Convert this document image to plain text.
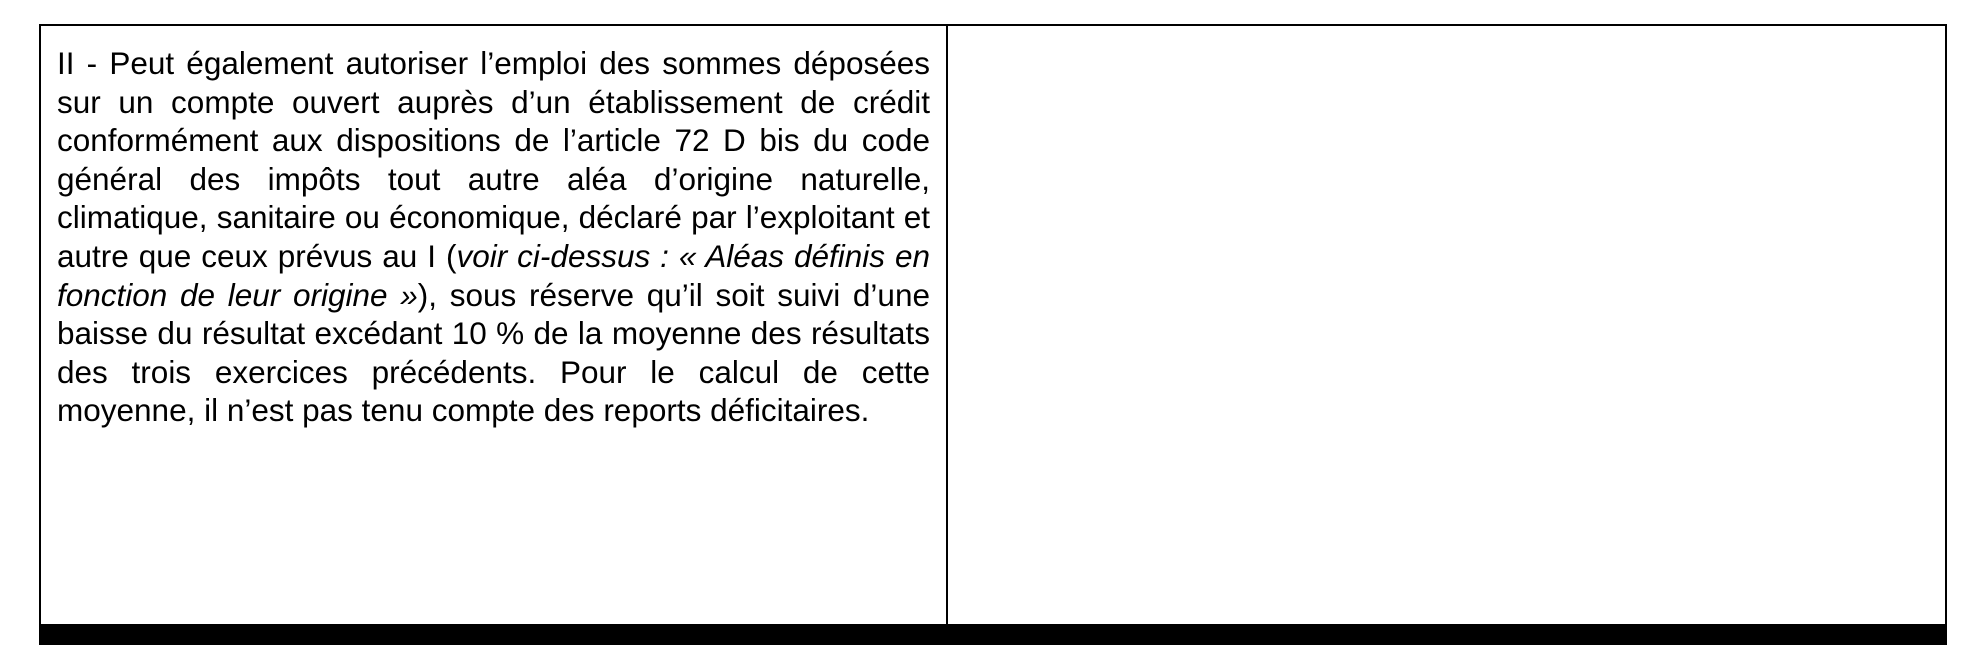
II - Peut également autoriser l’emploi des sommes déposées sur un compte ouvert auprès d’un établissement de crédit conformément aux dispositions de l’article 72 D bis du code général des impôts tout autre aléa d’origine naturelle, climatique, sanitaire ou économique, déclaré par l’exploitant et autre que ceux prévus au I (voir ci-dessus : « Aléas définis en fonction de leur origine »), sous réserve qu’il soit suivi d’une baisse du résultat excédant 10 % de la moyenne des résultats des trois exercices précédents. Pour le calcul de cette moyenne, il n’est pas tenu compte des reports déficitaires.
